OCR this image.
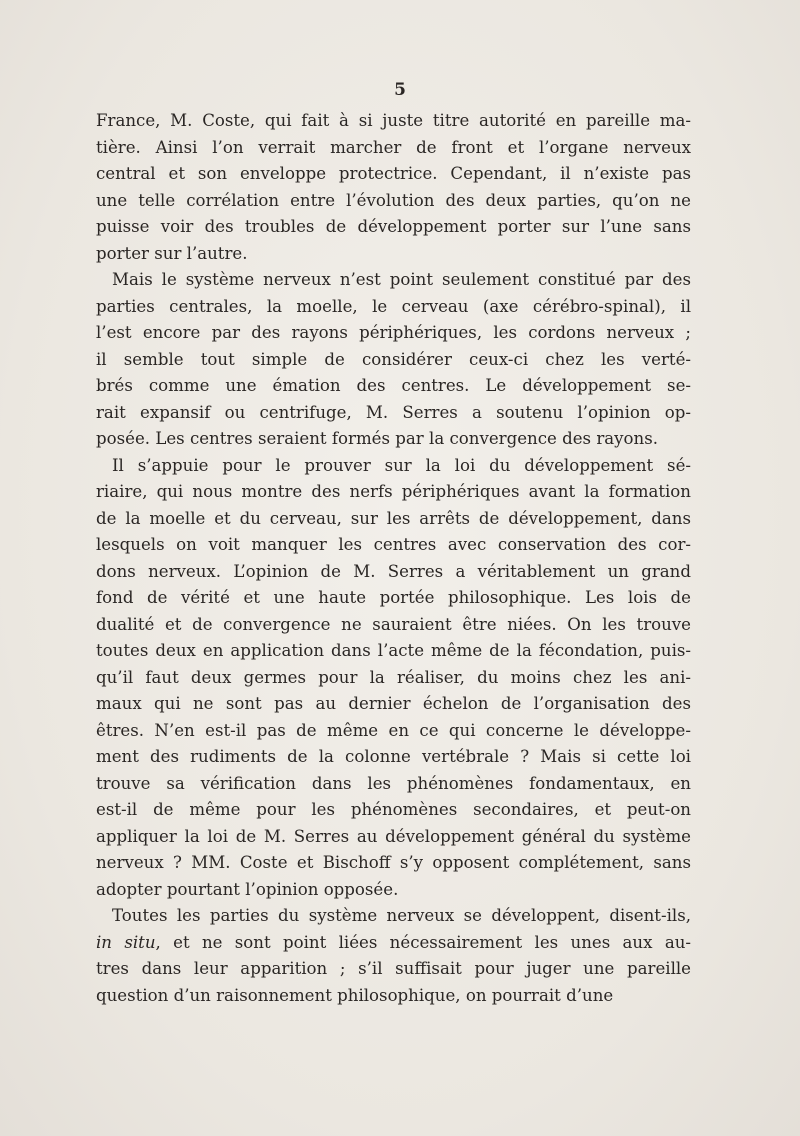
5
France, M. Coste, qui fait à si juste titre autorité en pareille ma-
tière. Ainsi l’on verrait marcher de front et l’organe nerveux
central et son enveloppe protectrice. Cependant, il n’existe pas
une telle corrélation entre l’évolution des deux parties, qu’on ne
puisse voir des troubles de développement porter sur l’une sans
porter sur l’autre.
Mais le système nerveux n’est point seulement constitué par des
parties centrales, la moelle, le cerveau (axe cérébro-spinal), il
l’est encore par des rayons périphériques, les cordons nerveux ;
il semble tout simple de considérer ceux-ci chez les verté-
brés comme une émation des centres. Le développement se-
rait expansif ou centrifuge, M. Serres a soutenu l’opinion op-
posée. Les centres seraient formés par la convergence des rayons.
Il s’appuie pour le prouver sur la loi du développement sé-
riaire, qui nous montre des nerfs périphériques avant la formation
de la moelle et du cerveau, sur les arrêts de développement, dans
lesquels on voit manquer les centres avec conservation des cor-
dons nerveux. L’opinion de M. Serres a véritablement un grand
fond de vérité et une haute portée philosophique. Les lois de
dualité et de convergence ne sauraient être niées. On les trouve
toutes deux en application dans l’acte même de la fécondation, puis-
qu’il faut deux germes pour la réaliser, du moins chez les ani-
maux qui ne sont pas au dernier échelon de l’organisation des
êtres. N’en est-il pas de même en ce qui concerne le développe-
ment des rudiments de la colonne vertébrale ? Mais si cette loi
trouve sa vérification dans les phénomènes fondamentaux, en
est-il de même pour les phénomènes secondaires, et peut-on
appliquer la loi de M. Serres au développement général du système
nerveux ? MM. Coste et Bischoff s’y opposent complétement, sans
adopter pourtant l’opinion opposée.
Toutes les parties du système nerveux se développent, disent-ils,
in situ, et ne sont point liées nécessairement les unes aux au-
tres dans leur apparition ; s’il suffisait pour juger une pareille
question d’un raisonnement philosophique, on pourrait d’une
